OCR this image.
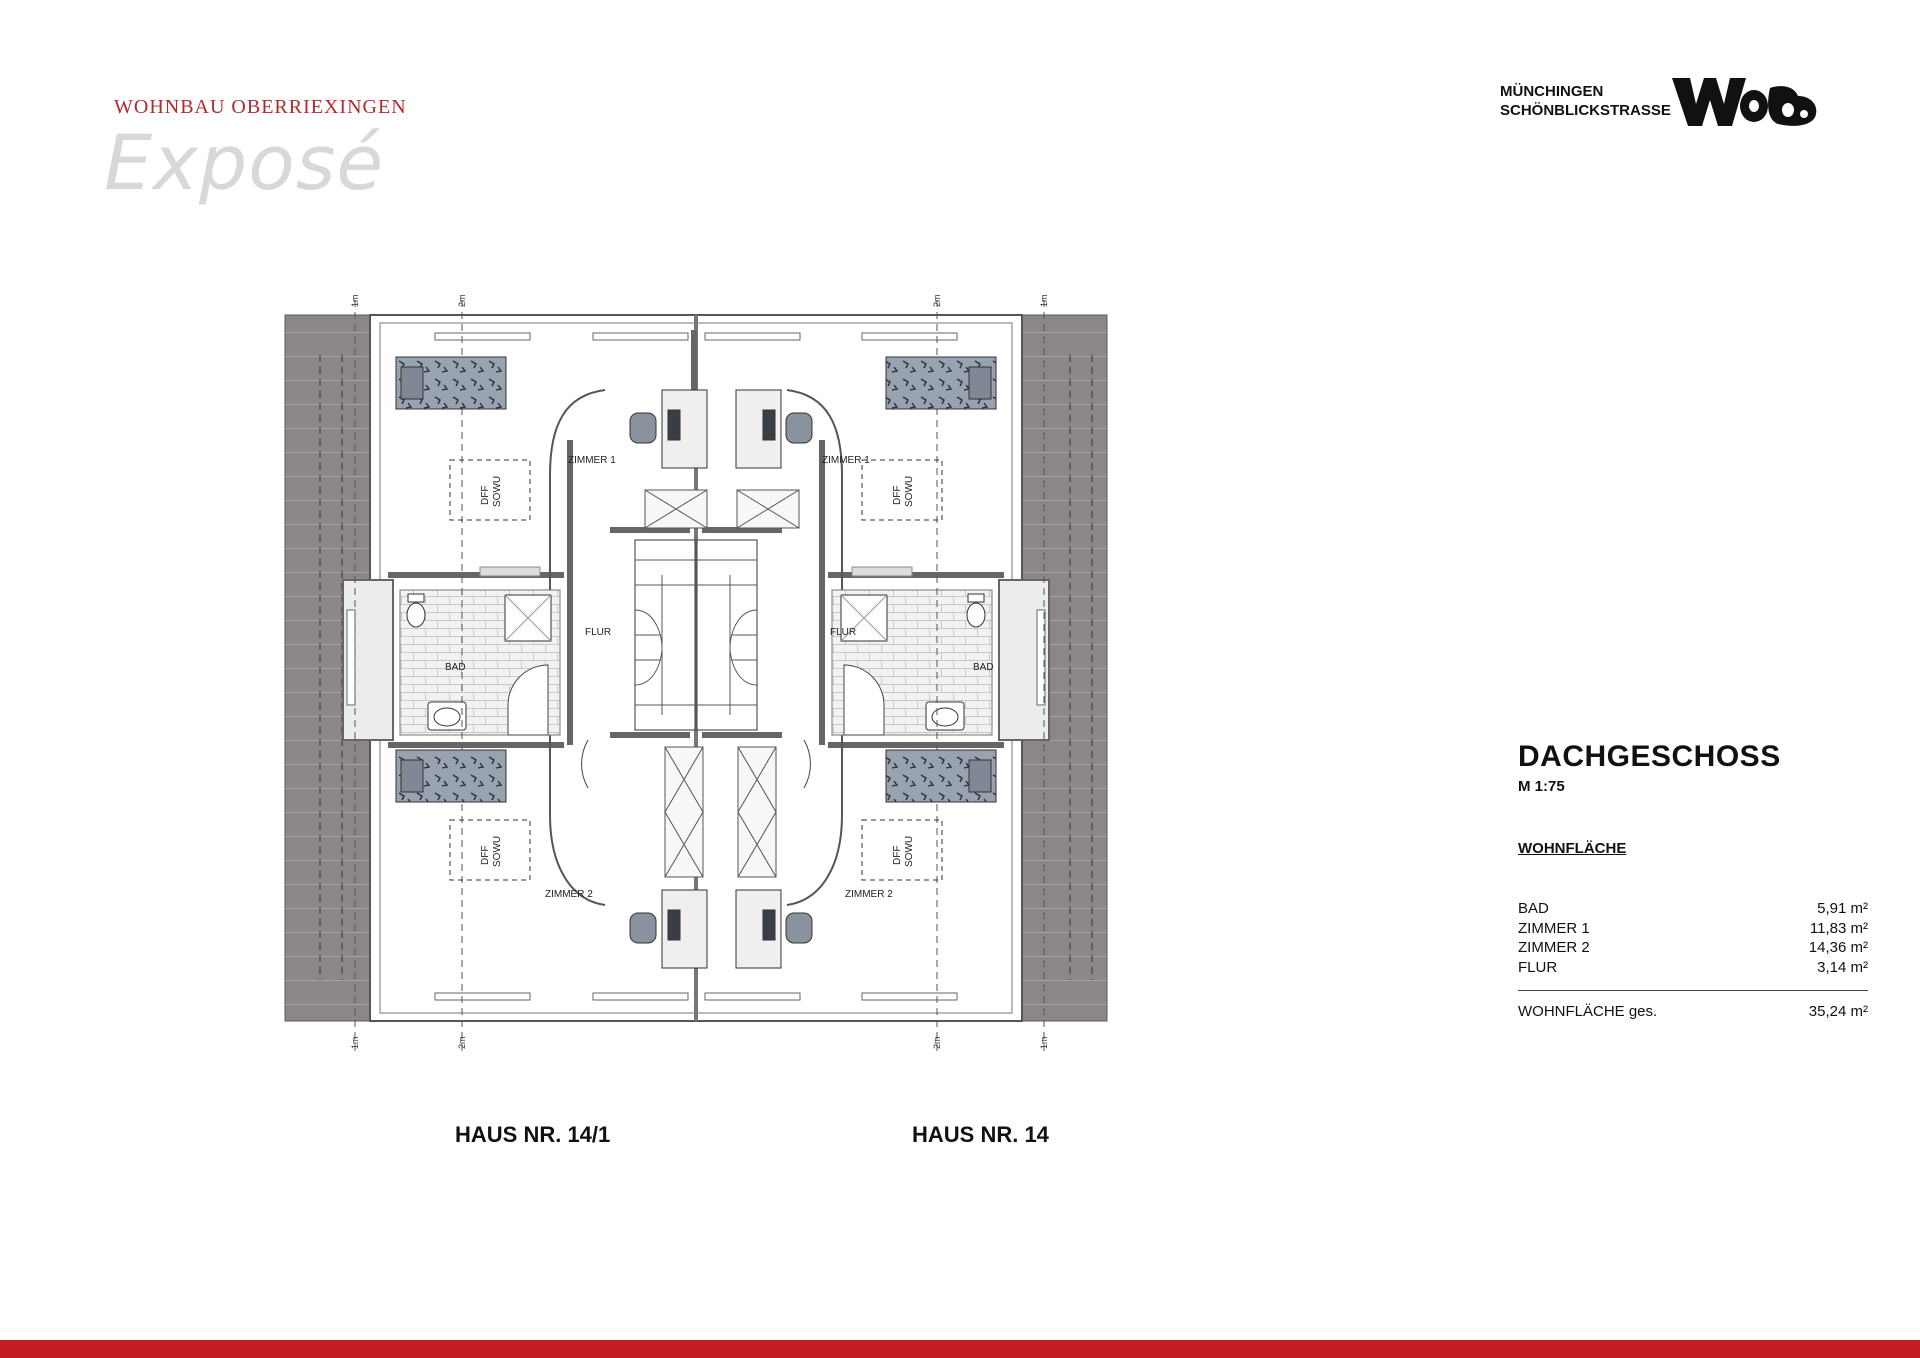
WOHNBAU OBERRIEXINGEN
Exposé
MÜNCHINGEN
SCHÖNBLICKSTRASSE
WOB
1m	2m	2m	1m
1m	2m	2m	1m
DFF SOWU
DFF SOWU
DFF SOWU
DFF SOWU
ZIMMER 1	ZIMMER 1
ZIMMER 2	ZIMMER 2
FLUR	FLUR
BAD	BAD
HAUS NR. 14/1	HAUS NR. 14
DACHGESCHOSS
M 1:75
WOHNFLÄCHE
BAD	5,91 m²
ZIMMER 1	11,83 m²
ZIMMER 2	14,36 m²
FLUR	3,14 m²
WOHNFLÄCHE ges.	35,24 m²
